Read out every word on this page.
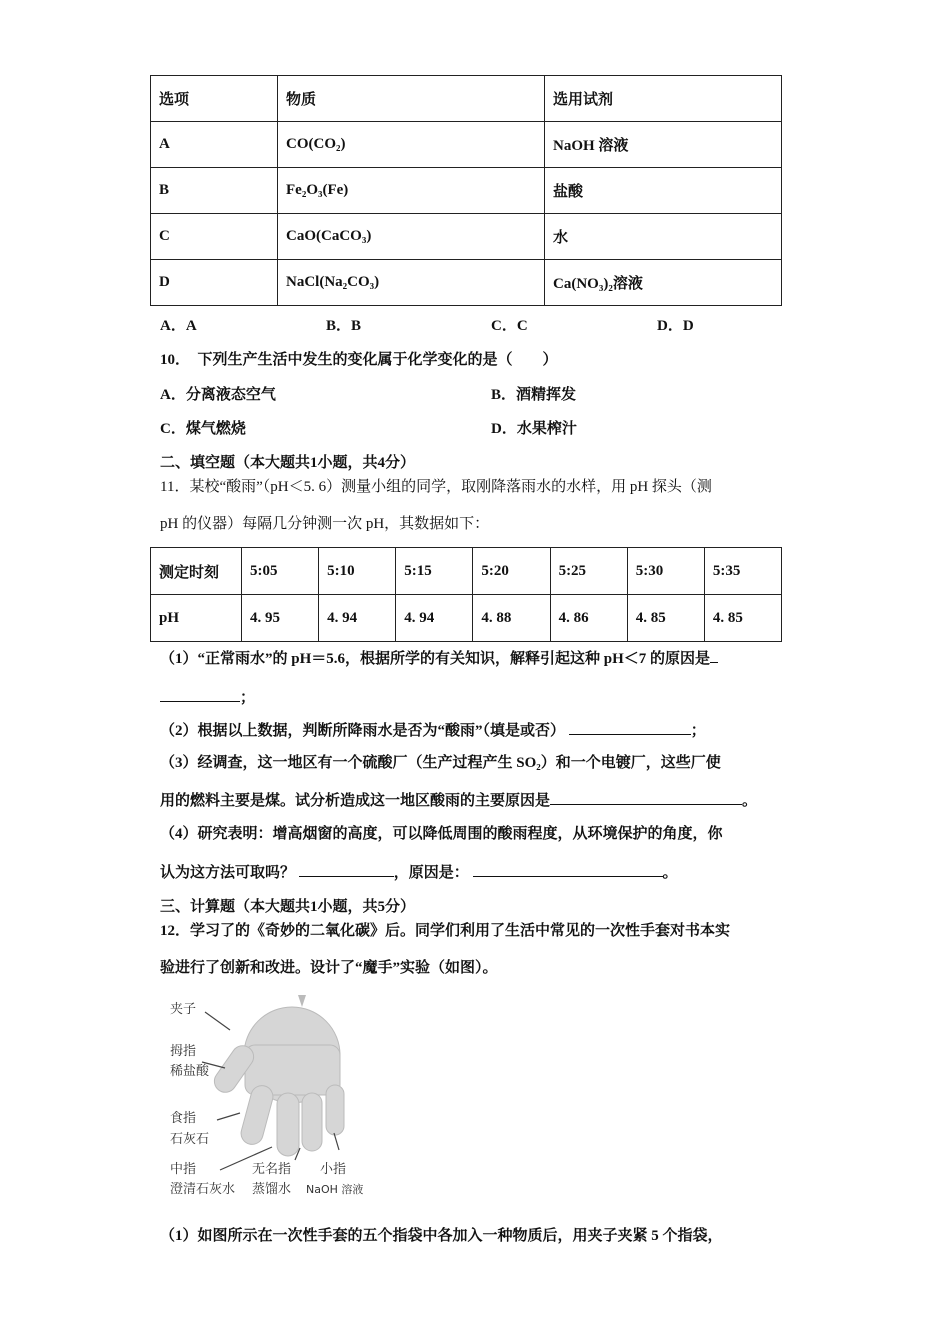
选项	物质	选用试剂
A	CO(CO₂)	NaOH 溶液
B	Fe₂O₃(Fe)	盐酸
C	CaO(CaCO₃)	水
D	NaCl(Na₂CO₃)	Ca(NO₃)₂溶液
A．A	B．B	C．C	D．D
10．　下列生产生活中发生的变化属于化学变化的是（　　）
A．分离液态空气	B．酒精挥发
C．煤气燃烧	D．水果榨汁
二、填空题（本大题共1小题，共4分）
11．某校“酸雨”（pH＜5. 6）测量小组的同学，取刚降落雨水的水样，用 pH 探头（测
pH 的仪器）每隔几分钟测一次 pH，其数据如下：
测定时刻	5:05	5:10	5:15	5:20	5:25	5:30	5:35
pH	4. 95	4. 94	4. 94	4. 88	4. 86	4. 85	4. 85
（1）“正常雨水”的 pH＝5.6，根据所学的有关知识，解释引起这种 pH＜7 的原因是
；
（2）根据以上数据，判断所降雨水是否为“酸雨”（填是或否）	；
（3）经调查，这一地区有一个硫酸厂（生产过程产生 SO₂）和一个电镀厂，这些厂使
用的燃料主要是煤。试分析造成这一地区酸雨的主要原因是	。
（4）研究表明：增高烟窗的高度，可以降低周围的酸雨程度，从环境保护的角度，你
认为这方法可取吗？	，原因是：	。
三、计算题（本大题共1小题，共5分）
12．学习了的《奇妙的二氧化碳》后。同学们利用了生活中常见的一次性手套对书本实
验进行了创新和改进。设计了“魔手”实验（如图）。
夹子
拇指
稀盐酸
食指
石灰石
中指
澄清石灰水
无名指
蒸馏水
小指
NaOH 溶液
（1）如图所示在一次性手套的五个指袋中各加入一种物质后，用夹子夹紧 5 个指袋，
